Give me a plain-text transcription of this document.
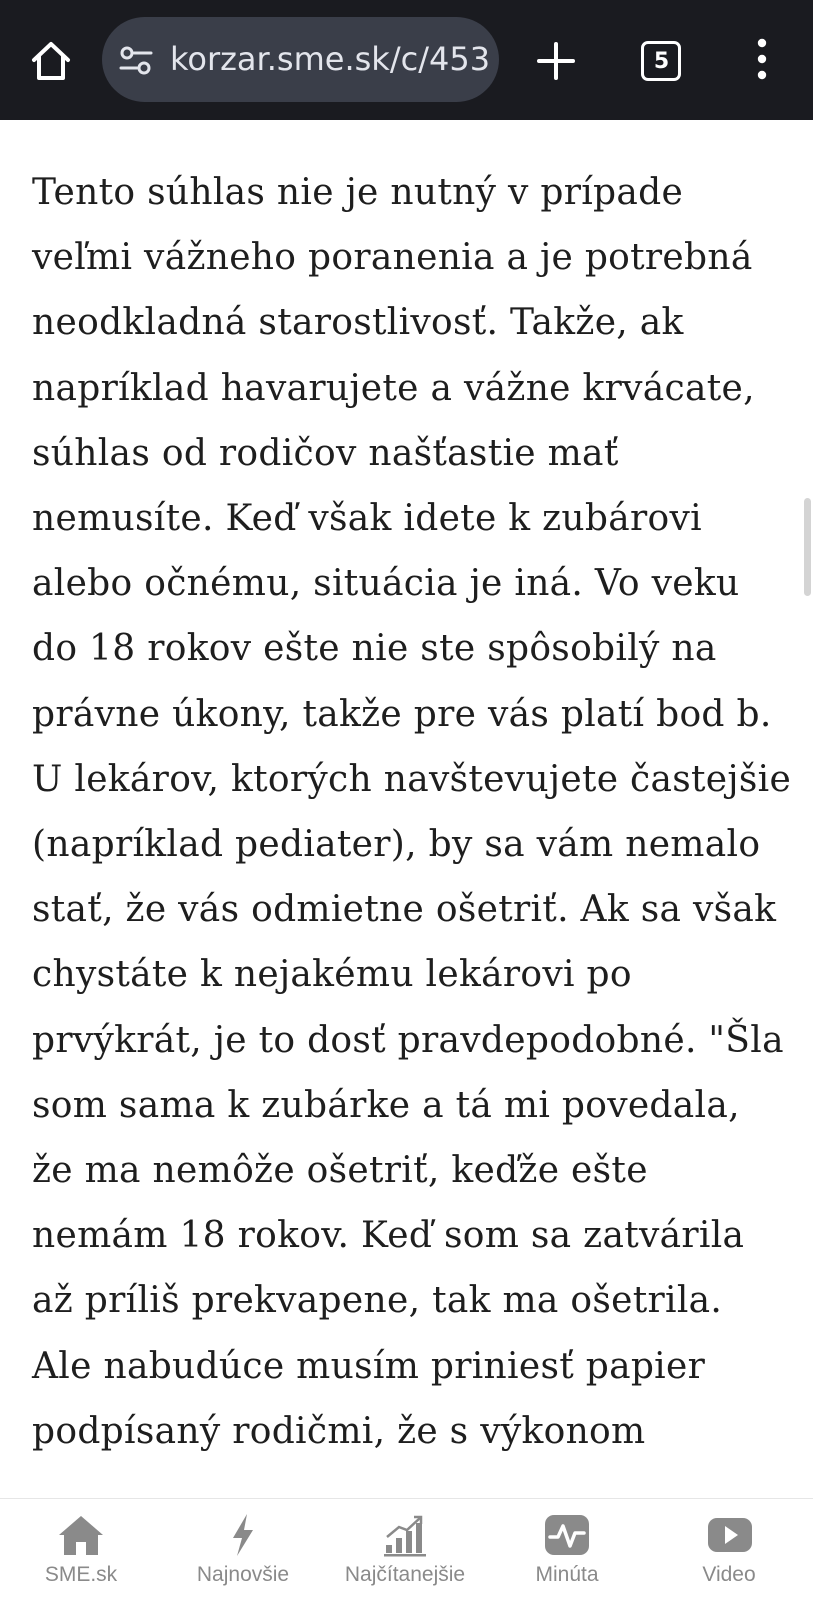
korzar.sme.sk/c/453	5

Tento súhlas nie je nutný v prípade veľmi vážneho poranenia a je potrebná neodkladná starostlivosť. Takže, ak napríklad havarujete a vážne krvácate, súhlas od rodičov našťastie mať nemusíte. Keď však idete k zubárovi alebo očnému, situácia je iná. Vo veku do 18 rokov ešte nie ste spôsobilý na právne úkony, takže pre vás platí bod b. U lekárov, ktorých navštevujete častejšie (napríklad pediater), by sa vám nemalo stať, že vás odmietne ošetriť. Ak sa však chystáte k nejakému lekárovi po prvýkrát, je to dosť pravdepodobné. "Šla som sama k zubárke a tá mi povedala, že ma nemôže ošetriť, keďže ešte nemám 18 rokov. Keď som sa zatvárila až príliš prekvapene, tak ma ošetrila. Ale nabudúce musím priniesť papier podpísaný rodičmi, že s výkonom

SME.sk	Najnovšie	Najčítanejšie	Minúta	Video
